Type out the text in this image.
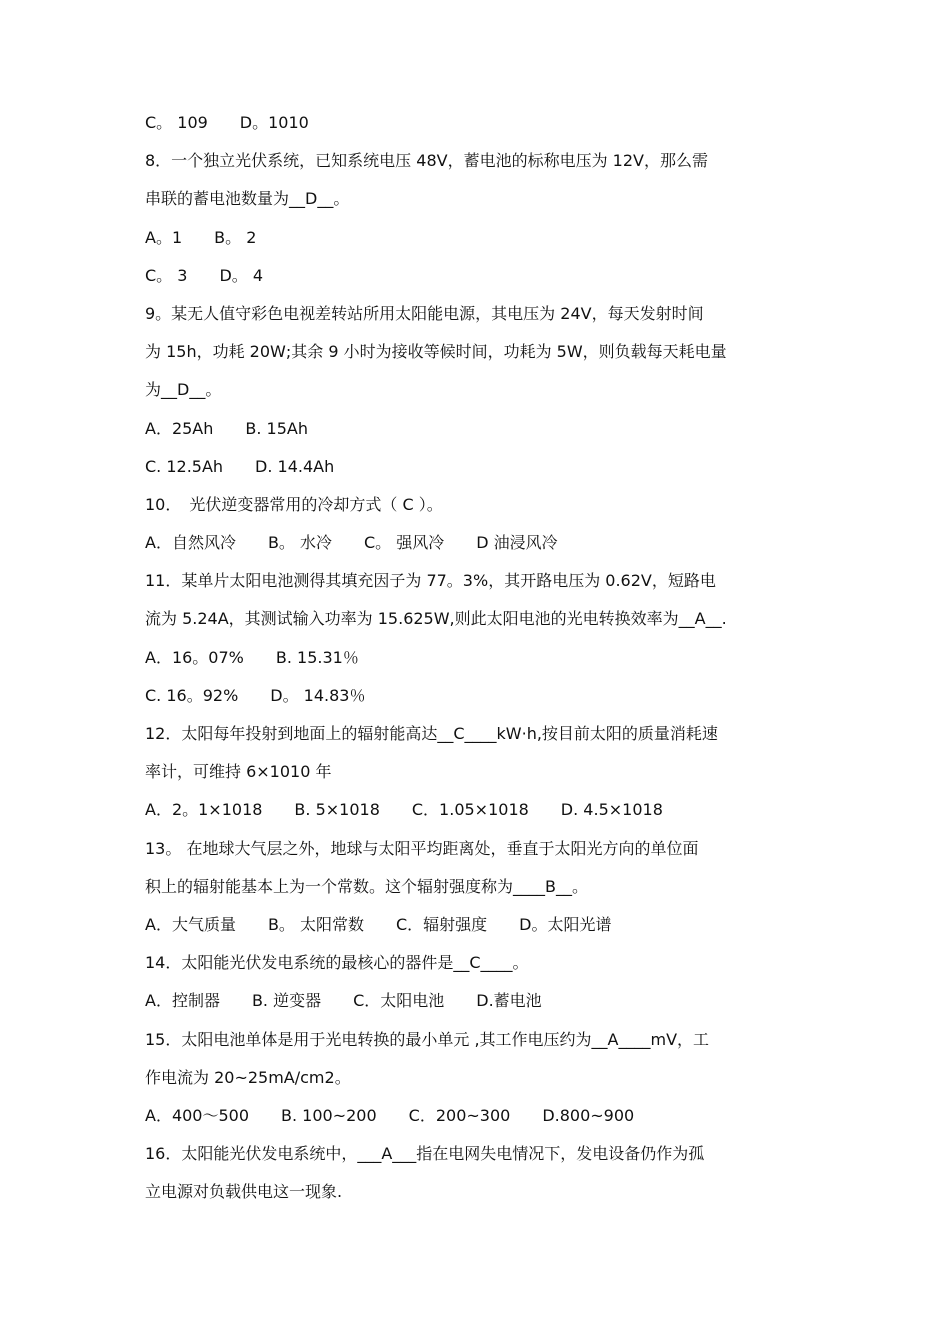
C。 109　　D。1010
8．一个独立光伏系统，已知系统电压 48V，蓄电池的标称电压为 12V，那么需
串联的蓄电池数量为__D__。
A。1　　B。 2
C。 3　　D。 4
9。某无人值守彩色电视差转站所用太阳能电源，其电压为 24V，每天发射时间
为 15h，功耗 20W;其余 9 小时为接收等候时间，功耗为 5W，则负载每天耗电量
为__D__。
A．25Ah　　B. 15Ah
C. 12.5Ah　　D. 14.4Ah
10．　光伏逆变器常用的冷却方式（ C ）。
A．自然风冷　　B。 水冷　　C。 强风冷　　D 油浸风冷
11．某单片太阳电池测得其填充因子为 77。3%，其开路电压为 0.62V，短路电
流为 5.24A，其测试输入功率为 15.625W,则此太阳电池的光电转换效率为__A__.
A．16。07%　　B. 15.31％
C. 16。92%　　D。 14.83％
12．太阳每年投射到地面上的辐射能高达__C____kW·h,按目前太阳的质量消耗速
率计，可维持 6×1010 年
A．2。1×1018　　B. 5×1018　　C．1.05×1018　　D. 4.5×1018
13。 在地球大气层之外，地球与太阳平均距离处，垂直于太阳光方向的单位面
积上的辐射能基本上为一个常数。这个辐射强度称为____B__。
A．大气质量　　B。 太阳常数　　C．辐射强度　　D。太阳光谱
14．太阳能光伏发电系统的最核心的器件是__C____。
A．控制器　　B. 逆变器　　C．太阳电池　　D.蓄电池
15．太阳电池单体是用于光电转换的最小单元 ,其工作电压约为__A____mV，工
作电流为 20~25mA/cm2。
A．400～500　　B. 100~200　　C．200~300　　D.800~900
16．太阳能光伏发电系统中，___A___指在电网失电情况下，发电设备仍作为孤
立电源对负载供电这一现象.
